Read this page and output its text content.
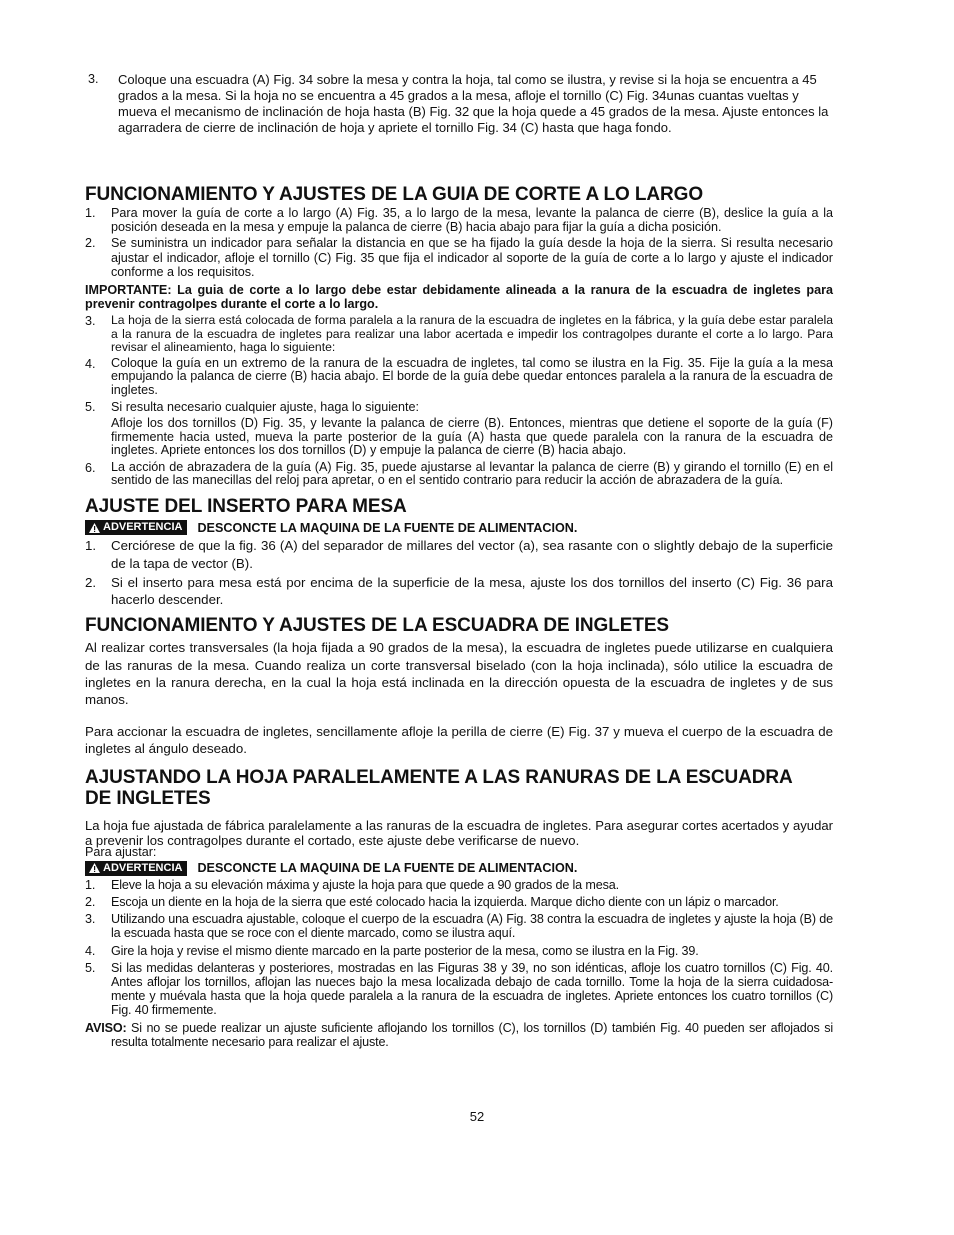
3. Coloque una escuadra (A) Fig. 34 sobre la mesa y contra la hoja, tal como se ilustra, y revise si la hoja se encuentra a 45 grados a la mesa. Si la hoja no se encuentra a 45 grados a la mesa, afloje el tornillo (C) Fig. 34unas cuantas vueltas y mueva el mecanismo de inclinación de hoja hasta (B) Fig. 32 que la hoja quede a 45 grados de la mesa. Ajuste entonces la agarradera de cierre de inclinación de hoja y apriete el tornillo Fig. 34 (C) hasta que haga fondo.

FUNCIONAMIENTO Y AJUSTES DE LA GUIA DE CORTE A LO LARGO
1. Para mover la guía de corte a lo largo (A) Fig. 35, a lo largo de la mesa, levante la palanca de cierre (B), deslice la guía a la posición deseada en la mesa y empuje la palanca de cierre (B) hacia abajo para fijar la guía a dicha posición.

2. Se suministra un indicador para señalar la distancia en que se ha fijado la guía desde la hoja de la sierra. Si resulta necesario ajustar el indicador, afloje el tornillo (C) Fig. 35 que fija el indicador al soporte de la guía de corte a lo largo y ajuste el indicador conforme a los requisitos.

IMPORTANTE: La guia de corte a lo largo debe estar debidamente alineada a la ranura de la escuadra de ingletes para prevenir contragolpes durante el corte a lo largo.

3. La hoja de la sierra está colocada de forma paralela a la ranura de la escuadra de ingletes en la fábrica, y la guía debe estar paralela a la ranura de la escuadra de ingletes para realizar una labor acertada e impedir los contragolpes durante el corte a lo largo. Para revisar el alineamiento, haga lo siguiente:

4. Coloque la guía en un extremo de la ranura de la escuadra de ingletes, tal como se ilustra en la Fig. 35. Fije la guía a la mesa empujando la palanca de cierre (B) hacia abajo. El borde de la guía debe quedar entonces paralela a la ranura de la escuadra de ingletes.

5. Si resulta necesario cualquier ajuste, haga lo siguiente:

Afloje los dos tornillos (D) Fig. 35, y levante la palanca de cierre (B). Entonces, mientras que detiene el soporte de la guía (F) firmemente hacia usted, mueva la parte posterior de la guía (A) hasta que quede paralela con la ranura de la escuadra de ingletes. Apriete entonces los dos tornillos (D) y empuje la palanca de cierre (B) hacia abajo.

6. La acción de abrazadera de la guía (A) Fig. 35, puede ajustarse al levantar la palanca de cierre (B) y girando el tornillo (E) en el sentido de las manecillas del reloj para apretar, o en el sentido contrario para reducir la acción de abrazadera de la guía.

AJUSTE DEL INSERTO PARA MESA
ADVERTENCIA DESCONCTE LA MAQUINA DE LA FUENTE DE ALIMENTACION.
1. Cerciórese de que la fig. 36 (A) del separador de millares del vector (a), sea rasante con o slightly debajo de la superficie de la tapa de vector (B).

2. Si el inserto para mesa está por encima de la superficie de la mesa, ajuste los dos tornillos del inserto (C) Fig. 36 para hacerlo descender.

FUNCIONAMIENTO Y AJUSTES DE LA ESCUADRA DE INGLETES

Al realizar cortes transversales (la hoja fijada a 90 grados de la mesa), la escuadra de ingletes puede utilizarse en cualquiera de las ranuras de la mesa. Cuando realiza un corte transversal biselado (con la hoja inclinada), sólo utilice la escuadra de ingletes en la ranura derecha, en la cual la hoja está inclinada en la dirección opuesta de la escuadra de ingletes y de sus manos.

Para accionar la escuadra de ingletes, sencillamente afloje la perilla de cierre (E) Fig. 37 y mueva el cuerpo de la escuadra de ingletes al ángulo deseado.

AJUSTANDO LA HOJA PARALELAMENTE A LAS RANURAS DE LA ESCUADRA
DE INGLETES

La hoja fue ajustada de fábrica paralelamente a las ranuras de la escuadra de ingletes. Para asegurar cortes acertados y ayudar a prevenir los contragolpes durante el cortado, este ajuste debe verificarse de nuevo.

Para ajustar:

ADVERTENCIA DESCONCTE LA MAQUINA DE LA FUENTE DE ALIMENTACION.
1. Eleve la hoja a su elevación máxima y ajuste la hoja para que quede a 90 grados de la mesa.

2. Escoja un diente en la hoja de la sierra que esté colocado hacia la izquierda. Marque dicho diente con un lápiz o marcador.

3. Utilizando una escuadra ajustable, coloque el cuerpo de la escuadra (A) Fig. 38 contra la escuadra de ingletes y ajuste la hoja (B) de la escuada hasta que se roce con el diente marcado, como se ilustra aquí.

4. Gire la hoja y revise el mismo diente marcado en la parte posterior de la mesa, como se ilustra en la Fig. 39.

5. Si las medidas delanteras y posteriores, mostradas en las Figuras 38 y 39, no son idénticas, afloje los cuatro tornillos (C) Fig. 40. Antes aflojar los tornillos, aflojan las nueces bajo la mesa localizada debajo de cada tornillo. Tome la hoja de la sierra cuidadosa-mente y muévala hasta que la hoja quede paralela a la ranura de la escuadra de ingletes. Apriete entonces los cuatro tornillos (C) Fig. 40 firmemente.

AVISO: Si no se puede realizar un ajuste suficiente aflojando los tornillos (C), los tornillos (D) también Fig. 40 pueden ser aflojados si resulta totalmente necesario para realizar el ajuste.

52
